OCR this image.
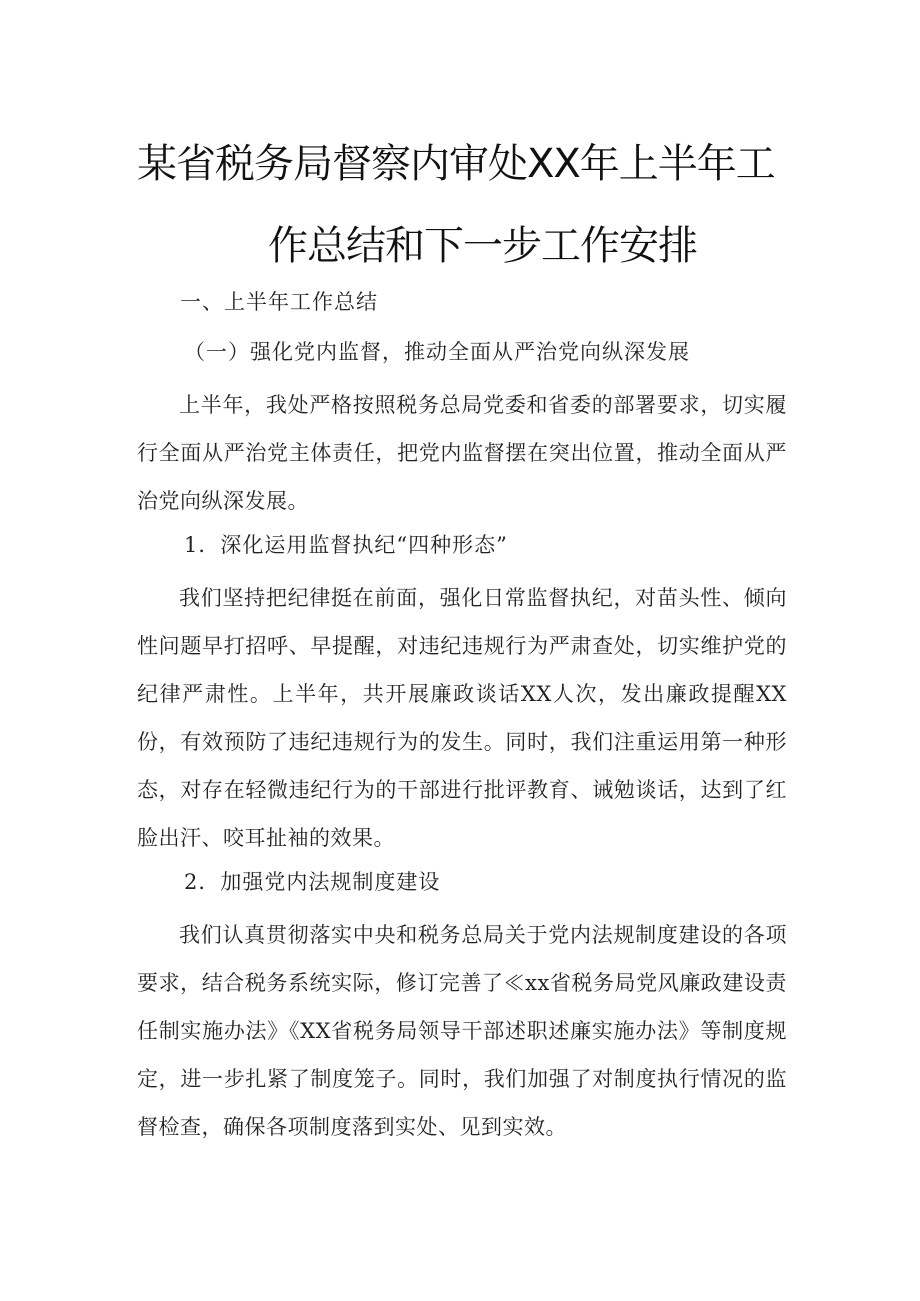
某省税务局督察内审处XX年上半年工
作总结和下一步工作安排
一、上半年工作总结
（一）强化党内监督，推动全面从严治党向纵深发展

上半年，我处严格按照税务总局党委和省委的部署要求，切实履行全面从严治党主体责任，把党内监督摆在突出位置，推动全面从严治党向纵深发展。

1．深化运用监督执纪“四种形态”

我们坚持把纪律挺在前面，强化日常监督执纪，对苗头性、倾向性问题早打招呼、早提醒，对违纪违规行为严肃查处，切实维护党的纪律严肃性。上半年，共开展廉政谈话XX人次，发出廉政提醒XX份，有效预防了违纪违规行为的发生。同时，我们注重运用第一种形态，对存在轻微违纪行为的干部进行批评教育、诫勉谈话，达到了红脸出汗、咬耳扯袖的效果。

2．加强党内法规制度建设

我们认真贯彻落实中央和税务总局关于党内法规制度建设的各项要求，结合税务系统实际，修订完善了≪xx省税务局党风廉政建设责任制实施办法》《XX省税务局领导干部述职述廉实施办法》等制度规定，进一步扎紧了制度笼子。同时，我们加强了对制度执行情况的监督检查，确保各项制度落到实处、见到实效。
